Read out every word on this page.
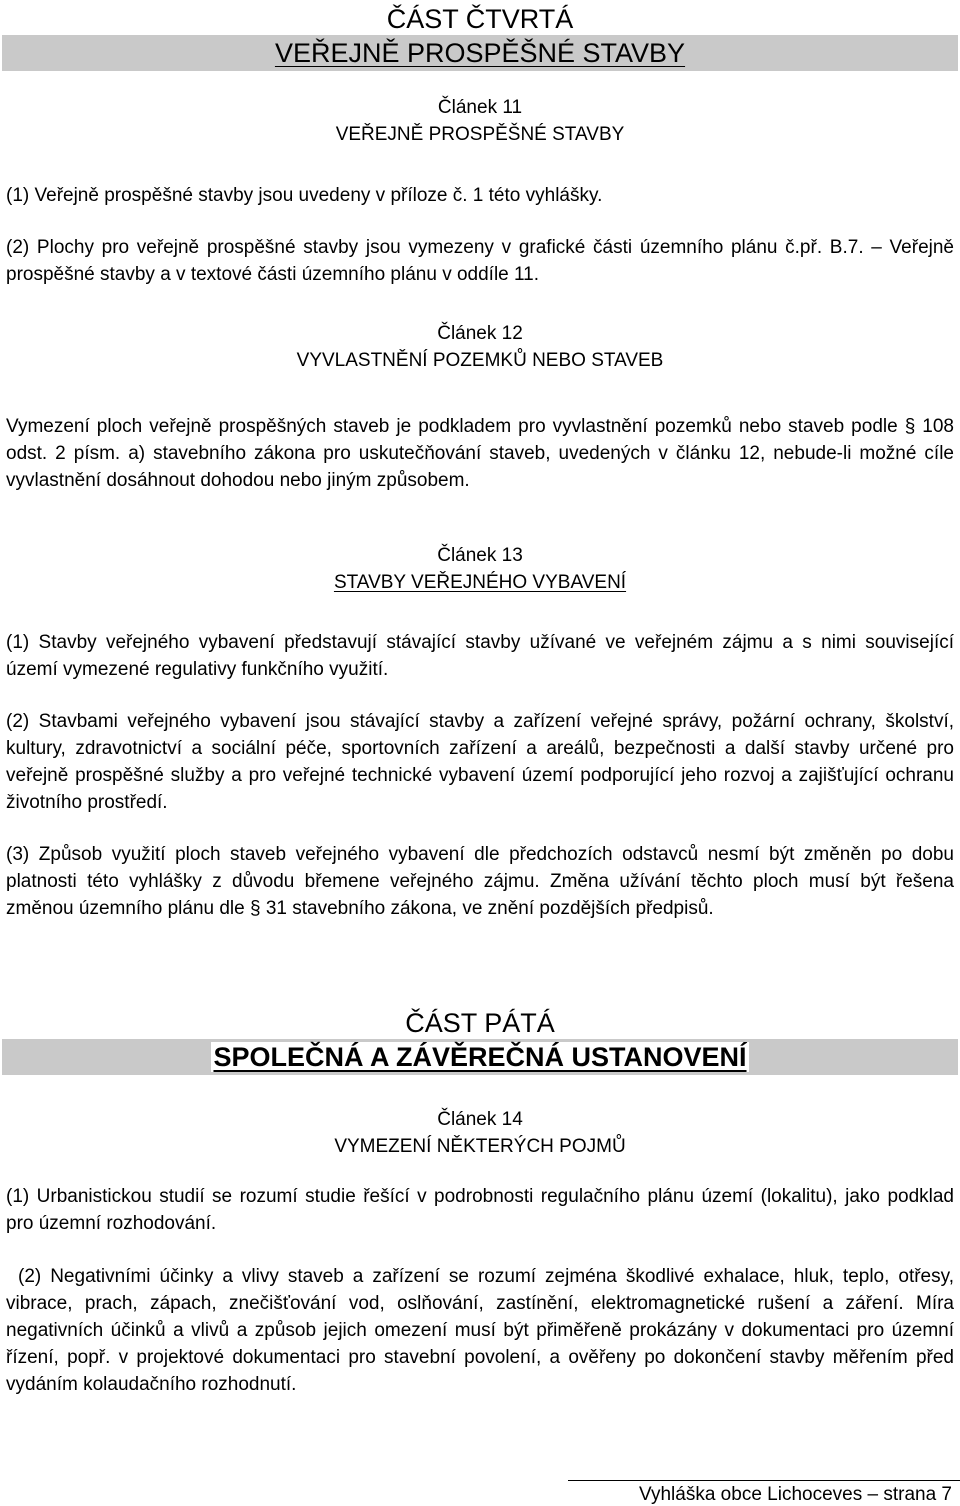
ČÁST ČTVRTÁ
VEŘEJNĚ PROSPĚŠNÉ STAVBY
Článek 11
VEŘEJNĚ PROSPĚŠNÉ STAVBY
(1) Veřejně prospěšné stavby jsou uvedeny v příloze č. 1 této vyhlášky.
(2) Plochy pro veřejně prospěšné stavby jsou vymezeny v grafické části územního plánu č.př. B.7. – Veřejně prospěšné stavby a v textové části územního plánu v oddíle 11.
Článek 12
VYVLASTNĚNÍ POZEMKŮ NEBO STAVEB
Vymezení ploch veřejně prospěšných staveb je podkladem pro vyvlastnění pozemků nebo staveb podle § 108 odst. 2 písm. a) stavebního zákona pro uskutečňování staveb, uvedených v článku 12, nebude-li možné cíle vyvlastnění dosáhnout dohodou nebo jiným způsobem.
Článek 13
STAVBY VEŘEJNÉHO VYBAVENÍ
(1) Stavby veřejného vybavení představují stávající stavby užívané ve veřejném zájmu a s nimi související území vymezené regulativy funkčního využití.
(2) Stavbami veřejného vybavení jsou stávající stavby a zařízení veřejné správy, požární ochrany, školství, kultury, zdravotnictví a sociální péče, sportovních zařízení a areálů, bezpečnosti a další stavby určené pro veřejně prospěšné služby a pro veřejné technické vybavení území podporující jeho rozvoj a zajišťující ochranu životního prostředí.
(3) Způsob využití ploch staveb veřejného vybavení dle předchozích odstavců nesmí být změněn po dobu platnosti této vyhlášky z důvodu břemene veřejného zájmu. Změna užívání těchto ploch musí být řešena změnou územního plánu dle § 31 stavebního zákona, ve znění pozdějších předpisů.
ČÁST PÁTÁ
SPOLEČNÁ A ZÁVĚREČNÁ USTANOVENÍ
Článek 14
VYMEZENÍ NĚKTERÝCH POJMŮ
(1) Urbanistickou studií se rozumí studie řešící v podrobnosti regulačního plánu území (lokalitu), jako podklad pro územní rozhodování.
(2) Negativními účinky a vlivy staveb a zařízení se rozumí zejména škodlivé exhalace, hluk, teplo, otřesy, vibrace, prach, zápach, znečišťování vod, oslňování, zastínění, elektromagnetické rušení a záření. Míra negativních účinků a vlivů a způsob jejich omezení musí být přiměřeně prokázány v dokumentaci pro územní řízení, popř. v projektové dokumentaci pro stavební povolení, a ověřeny po dokončení stavby měřením před vydáním kolaudačního rozhodnutí.
Vyhláška obce Lichoceves – strana 7
